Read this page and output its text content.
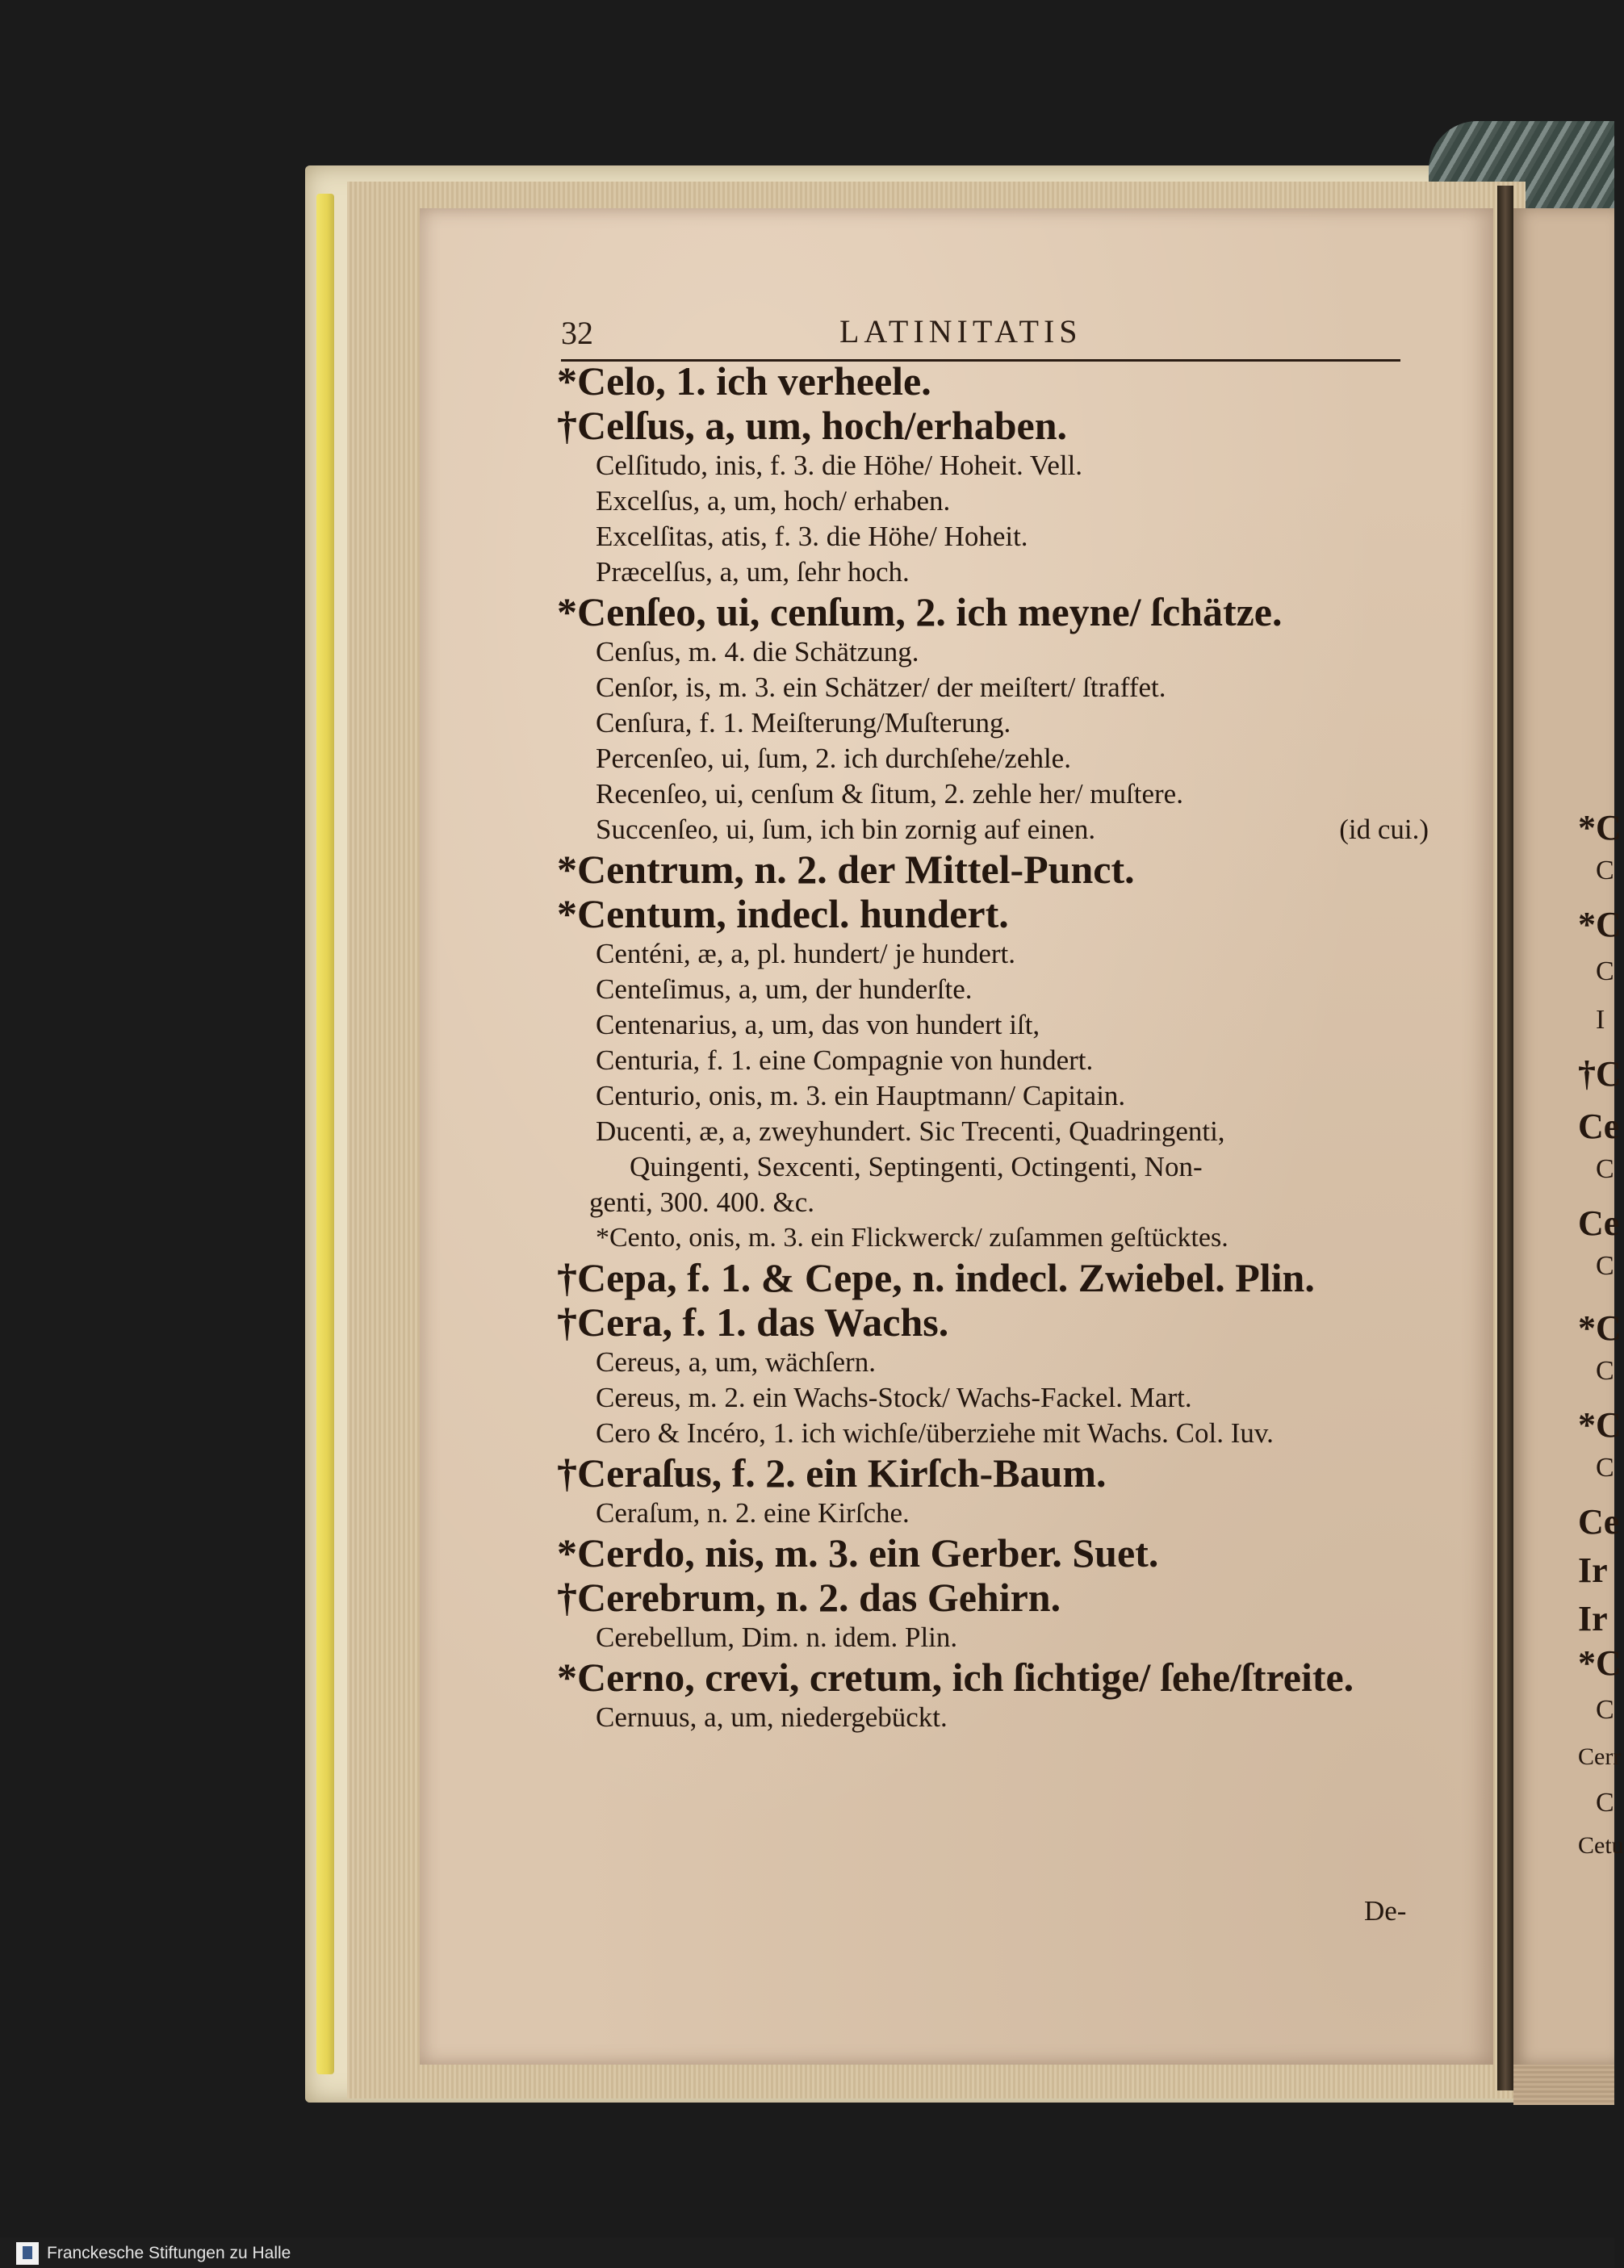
32	LATINITATIS
*Celo, 1. ich verheele.
†Celſus, a, um, hoch/erhaben.
Celſitudo, inis, f. 3. die Höhe/ Hoheit. Vell.
Excelſus, a, um, hoch/ erhaben.
Excelſitas, atis, f. 3. die Höhe/ Hoheit.
Præcelſus, a, um, ſehr hoch.
*Cenſeo, ui, cenſum, 2. ich meyne/ ſchätze.
Cenſus, m. 4. die Schätzung.
Cenſor, is, m. 3. ein Schätzer/ der meiſtert/ ſtraffet.
Cenſura, f. 1. Meiſterung/Muſterung.
Percenſeo, ui, ſum, 2. ich durchſehe/zehle.
Recenſeo, ui, cenſum & ſitum, 2. zehle her/ muſtere.
Succenſeo, ui, ſum, ich bin zornig auf einen.	(id cui.)
*Centrum, n. 2. der Mittel-Punct.
*Centum, indecl. hundert.
Centéni, æ, a, pl. hundert/ je hundert.
Centeſimus, a, um, der hunderſte.
Centenarius, a, um, das von hundert iſt,
Centuria, f. 1. eine Compagnie von hundert.
Centurio, onis, m. 3. ein Hauptmann/ Capitain.
Ducenti, æ, a, zweyhundert. Sic Trecenti, Quadringenti,
Quingenti, Sexcenti, Septingenti, Octingenti, Non-
genti, 300. 400. &c.
*Cento, onis, m. 3. ein Flickwerck/ zuſammen geſtücktes.
†Cepa, f. 1. & Cepe, n. indecl. Zwiebel. Plin.
†Cera, f. 1. das Wachs.
Cereus, a, um, wächſern.
Cereus, m. 2. ein Wachs-Stock/ Wachs-Fackel. Mart.
Cero & Incéro, 1. ich wichſe/überziehe mit Wachs. Col. Iuv.
†Ceraſus, f. 2. ein Kirſch-Baum.
Ceraſum, n. 2. eine Kirſche.
*Cerdo, nis, m. 3. ein Gerber. Suet.
†Cerebrum, n. 2. das Gehirn.
Cerebellum, Dim. n. idem. Plin.
*Cerno, crevi, cretum, ich ſichtige/ ſehe/ſtreite.
Cernuus, a, um, niedergebückt.
De-
*C
C
*C
C
I
†C
Ce
C
Ce
C
*C
C
*C
C
Ce
Ir
Ir
*C
C
Cerr
C
Cetu
Franckesche Stiftungen zu Halle
